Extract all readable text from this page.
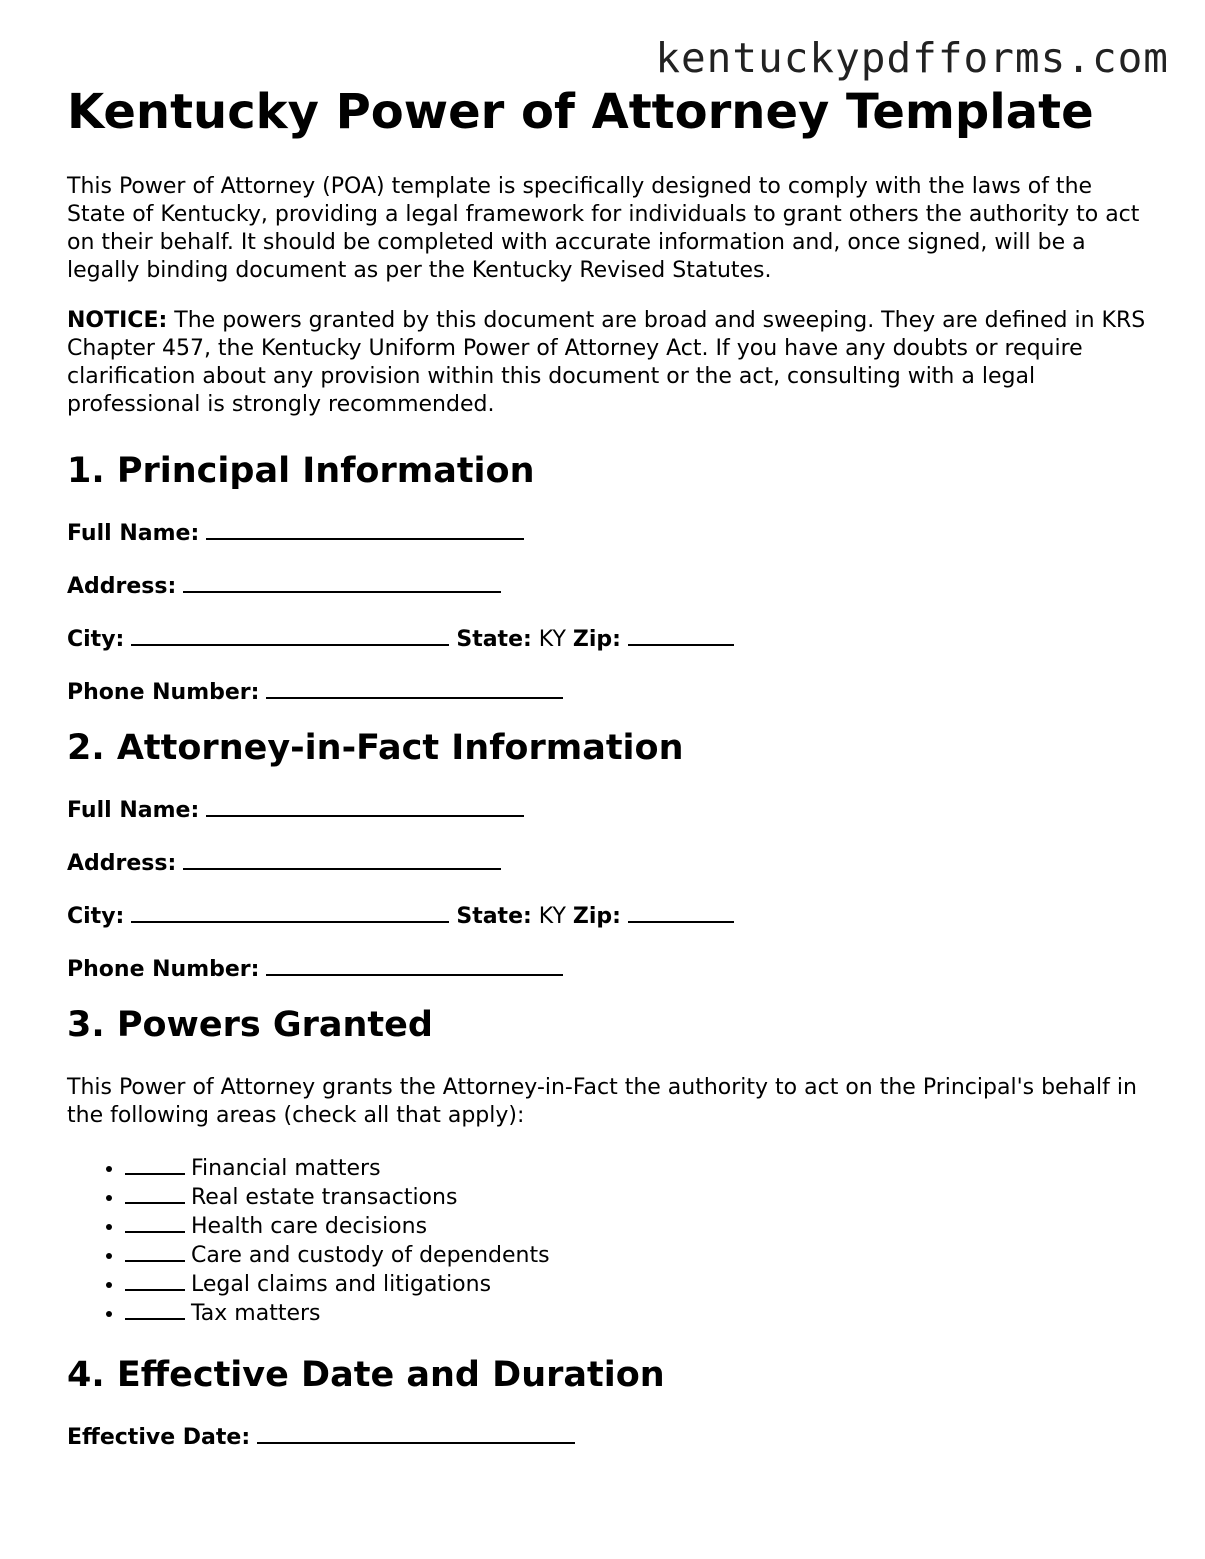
kentuckypdfforms.com
Kentucky Power of Attorney Template

This Power of Attorney (POA) template is specifically designed to comply with the laws of the State of Kentucky, providing a legal framework for individuals to grant others the authority to act on their behalf. It should be completed with accurate information and, once signed, will be a legally binding document as per the Kentucky Revised Statutes.

NOTICE: The powers granted by this document are broad and sweeping. They are defined in KRS Chapter 457, the Kentucky Uniform Power of Attorney Act. If you have any doubts or require clarification about any provision within this document or the act, consulting with a legal professional is strongly recommended.

1. Principal Information
Full Name:
Address:
City:	State: KY Zip:
Phone Number:
2. Attorney-in-Fact Information
Full Name:
Address:
City:	State: KY Zip:
Phone Number:
3. Powers Granted

This Power of Attorney grants the Attorney-in-Fact the authority to act on the Principal's behalf in the following areas (check all that apply):

• Financial matters
• Real estate transactions
• Health care decisions
• Care and custody of dependents
• Legal claims and litigations
• Tax matters
4. Effective Date and Duration
Effective Date:
